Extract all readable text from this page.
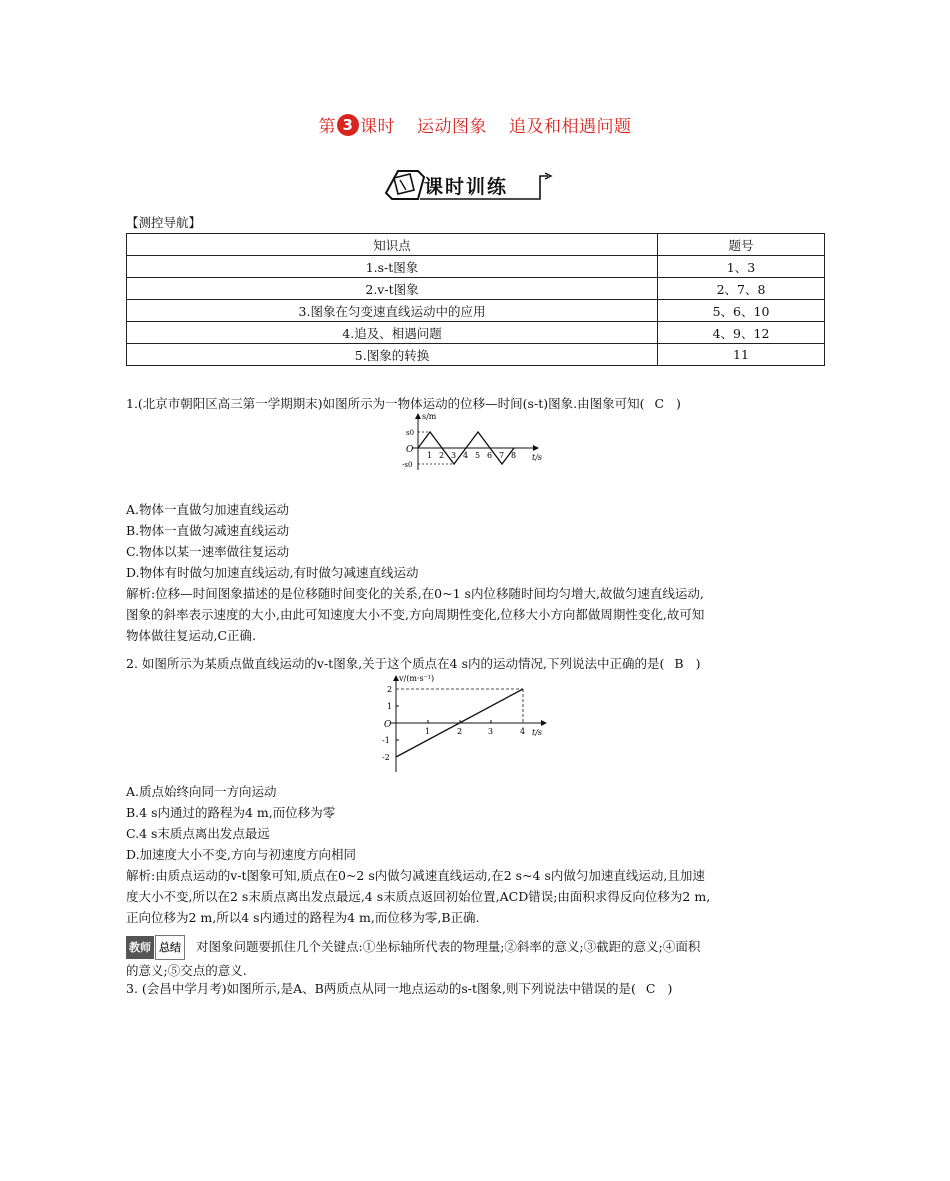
第 3 课时 运动图象 追及和相遇问题
课时训练
【测控导航】
知识点	题号
1.s-t图象	1、3
2.v-t图象	2、7、8
3.图象在匀变速直线运动中的应用	5、6、10
4.追及、相遇问题	4、9、12
5.图象的转换	11

1.(北京市朝阳区高三第一学期期末)如图所示为一物体运动的位移—时间(s-t)图象.由图象可知( C )

s/m
t/s
O
s0
-s0
1 2 3 4 5 6 7 8

A.物体一直做匀加速直线运动

B.物体一直做匀减速直线运动

C.物体以某一速率做往复运动

D.物体有时做匀加速直线运动,有时做匀减速直线运动

解析:位移—时间图象描述的是位移随时间变化的关系,在0~1 s内位移随时间均匀增大,故做匀速直线运动,

图象的斜率表示速度的大小,由此可知速度大小不变,方向周期性变化,位移大小方向都做周期性变化,故可知

物体做往复运动,C正确.

2. 如图所示为某质点做直线运动的v-t图象,关于这个质点在4 s内的运动情况,下列说法中正确的是( B )

v/(m·s⁻¹)
t/s
O
1	2	3	4
2
1
-1
-2

A.质点始终向同一方向运动

B.4 s内通过的路程为4 m,而位移为零

C.4 s末质点离出发点最远

D.加速度大小不变,方向与初速度方向相同

解析:由质点运动的v-t图象可知,质点在0~2 s内做匀减速直线运动,在2 s~4 s内做匀加速直线运动,且加速

度大小不变,所以在2 s末质点离出发点最远,4 s末质点返回初始位置,ACD错误;由面积求得反向位移为2 m,

正向位移为2 m,所以4 s内通过的路程为4 m,而位移为零,B正确.

教师 总结 对图象问题要抓住几个关键点:①坐标轴所代表的物理量;②斜率的意义;③截距的意义;④面积

的意义;⑤交点的意义.

3. (会昌中学月考)如图所示,是A、B两质点从同一地点运动的s-t图象,则下列说法中错误的是( C )
